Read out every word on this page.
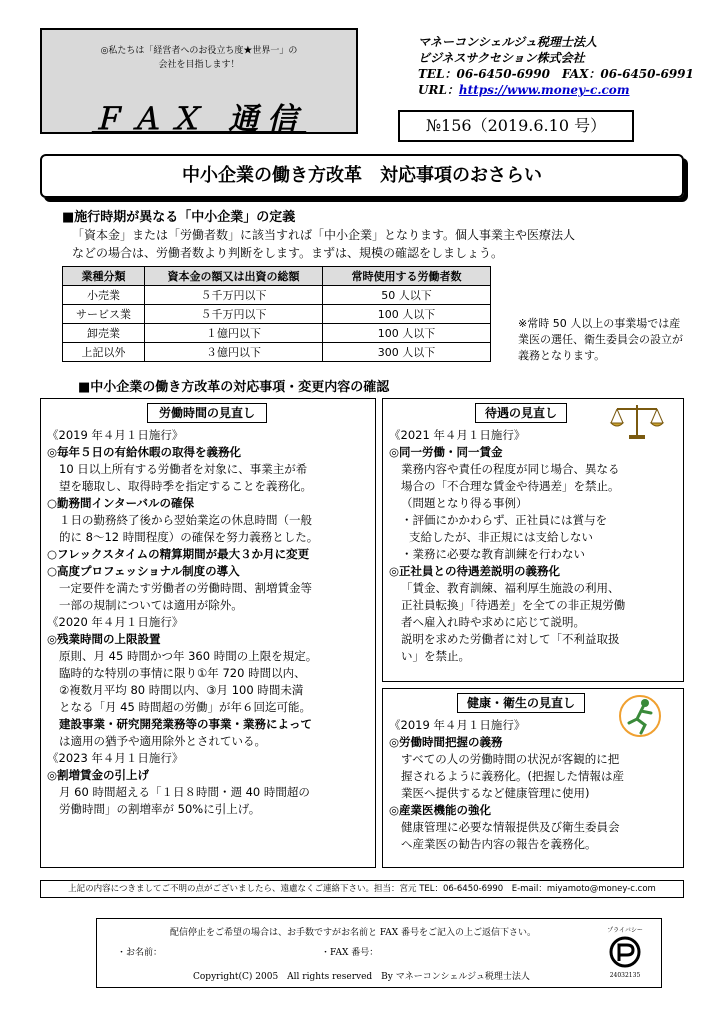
◎私たちは「経営者へのお役立ち度★世界一」の
会社を目指します！
ＦＡＸ 通信
マネーコンシェルジュ税理士法人
ビジネスサクセション株式会社
TEL：06-6450-6990　FAX：06-6450-6991
URL：https://www.money-c.com
№156（2019.6.10 号）
中小企業の働き方改革　対応事項のおさらい
■施行時期が異なる「中小企業」の定義
「資本金」または「労働者数」に該当すれば「中小企業」となります。個人事業主や医療法人
などの場合は、労働者数より判断をします。まずは、規模の確認をしましょう。
業種分類	資本金の額又は出資の総額	常時使用する労働者数
小売業	５千万円以下	50 人以下
サービス業	５千万円以下	100 人以下
卸売業	１億円以下	100 人以下
上記以外	３億円以下	300 人以下
※常時 50 人以上の事業場では産業医の選任、衛生委員会の設立が義務となります。
■中小企業の働き方改革の対応事項・変更内容の確認
労働時間の見直し
《2019 年４月１日施行》
◎毎年５日の有給休暇の取得を義務化
10 日以上所有する労働者を対象に、事業主が希
望を聴取し、取得時季を指定することを義務化。
○勤務間インターバルの確保
１日の勤務終了後から翌始業迄の休息時間（一般
的に 8～12 時間程度）の確保を努力義務とした。
○フレックスタイムの精算期間が最大３か月に変更
○高度プロフェッショナル制度の導入
一定要件を満たす労働者の労働時間、割増賃金等
一部の規制については適用が除外。
《2020 年４月１日施行》
◎残業時間の上限設置
原則、月 45 時間かつ年 360 時間の上限を規定。
臨時的な特別の事情に限り①年 720 時間以内、
②複数月平均 80 時間以内、③月 100 時間未満
となる「月 45 時間超の労働」が年６回迄可能。
建設事業・研究開発業務等の事業・業務によって
は適用の猶予や適用除外とされている。
《2023 年４月１日施行》
◎割増賃金の引上げ
月 60 時間超える「１日８時間・週 40 時間超の
労働時間」の割増率が 50%に引上げ。
待遇の見直し
《2021 年４月１日施行》
◎同一労働・同一賃金
業務内容や責任の程度が同じ場合、異なる
場合の「不合理な賃金や待遇差」を禁止。
（問題となり得る事例）
・評価にかかわらず、正社員には賞与を
支給したが、非正規には支給しない
・業務に必要な教育訓練を行わない
◎正社員との待遇差説明の義務化
「賃金、教育訓練、福利厚生施設の利用、
正社員転換」「待遇差」を全ての非正規労働
者へ雇入れ時や求めに応じて説明。
説明を求めた労働者に対して「不利益取扱
い」を禁止。
健康・衛生の見直し
《2019 年４月１日施行》
◎労働時間把握の義務
すべての人の労働時間の状況が客観的に把
握されるように義務化。(把握した情報は産
業医へ提供するなど健康管理に使用)
◎産業医機能の強化
健康管理に必要な情報提供及び衛生委員会
へ産業医の勧告内容の報告を義務化。
上記の内容につきましてご不明の点がございましたら、遠慮なくご連絡下さい。担当：宮元 TEL：06-6450-6990　E-mail：miyamoto@money-c.com
配信停止をご希望の場合は、お手数ですがお名前と FAX 番号をご記入の上ご返信下さい。
・お名前：	・FAX 番号：
Copyright(C) 2005　All rights reserved　By マネーコンシェルジュ税理士法人
プライバシー
24032135
